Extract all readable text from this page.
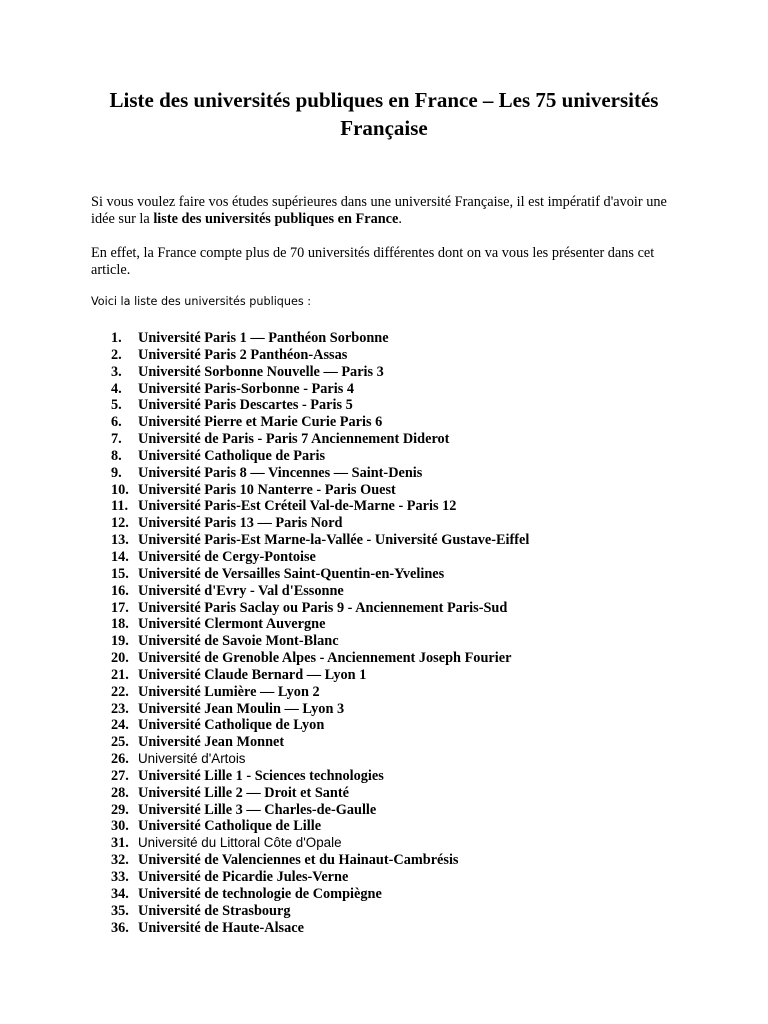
Liste des universités publiques en France – Les 75 universités Française

Si vous voulez faire vos études supérieures dans une université Française, il est impératif d'avoir une idée sur la liste des universités publiques en France.

En effet, la France compte plus de 70 universités différentes dont on va vous les présenter dans cet article.

Voici la liste des universités publiques :

1. Université Paris 1 — Panthéon Sorbonne
2. Université Paris 2 Panthéon-Assas
3. Université Sorbonne Nouvelle — Paris 3
4. Université Paris-Sorbonne - Paris 4
5. Université Paris Descartes - Paris 5
6. Université Pierre et Marie Curie Paris 6
7. Université de Paris - Paris 7 Anciennement Diderot
8. Université Catholique de Paris
9. Université Paris 8 — Vincennes — Saint-Denis
10. Université Paris 10 Nanterre - Paris Ouest
11. Université Paris-Est Créteil Val-de-Marne - Paris 12
12. Université Paris 13 — Paris Nord
13. Université Paris-Est Marne-la-Vallée - Université Gustave-Eiffel
14. Université de Cergy-Pontoise
15. Université de Versailles Saint-Quentin-en-Yvelines
16. Université d'Evry - Val d'Essonne
17. Université Paris Saclay ou Paris 9 - Anciennement Paris-Sud
18. Université Clermont Auvergne
19. Université de Savoie Mont-Blanc
20. Université de Grenoble Alpes - Anciennement Joseph Fourier
21. Université Claude Bernard — Lyon 1
22. Université Lumière — Lyon 2
23. Université Jean Moulin — Lyon 3
24. Université Catholique de Lyon
25. Université Jean Monnet
26. Université d'Artois
27. Université Lille 1 - Sciences technologies
28. Université Lille 2 — Droit et Santé
29. Université Lille 3 — Charles-de-Gaulle
30. Université Catholique de Lille
31. Université du Littoral Côte d'Opale
32. Université de Valenciennes et du Hainaut-Cambrésis
33. Université de Picardie Jules-Verne
34. Université de technologie de Compiègne
35. Université de Strasbourg
36. Université de Haute-Alsace
